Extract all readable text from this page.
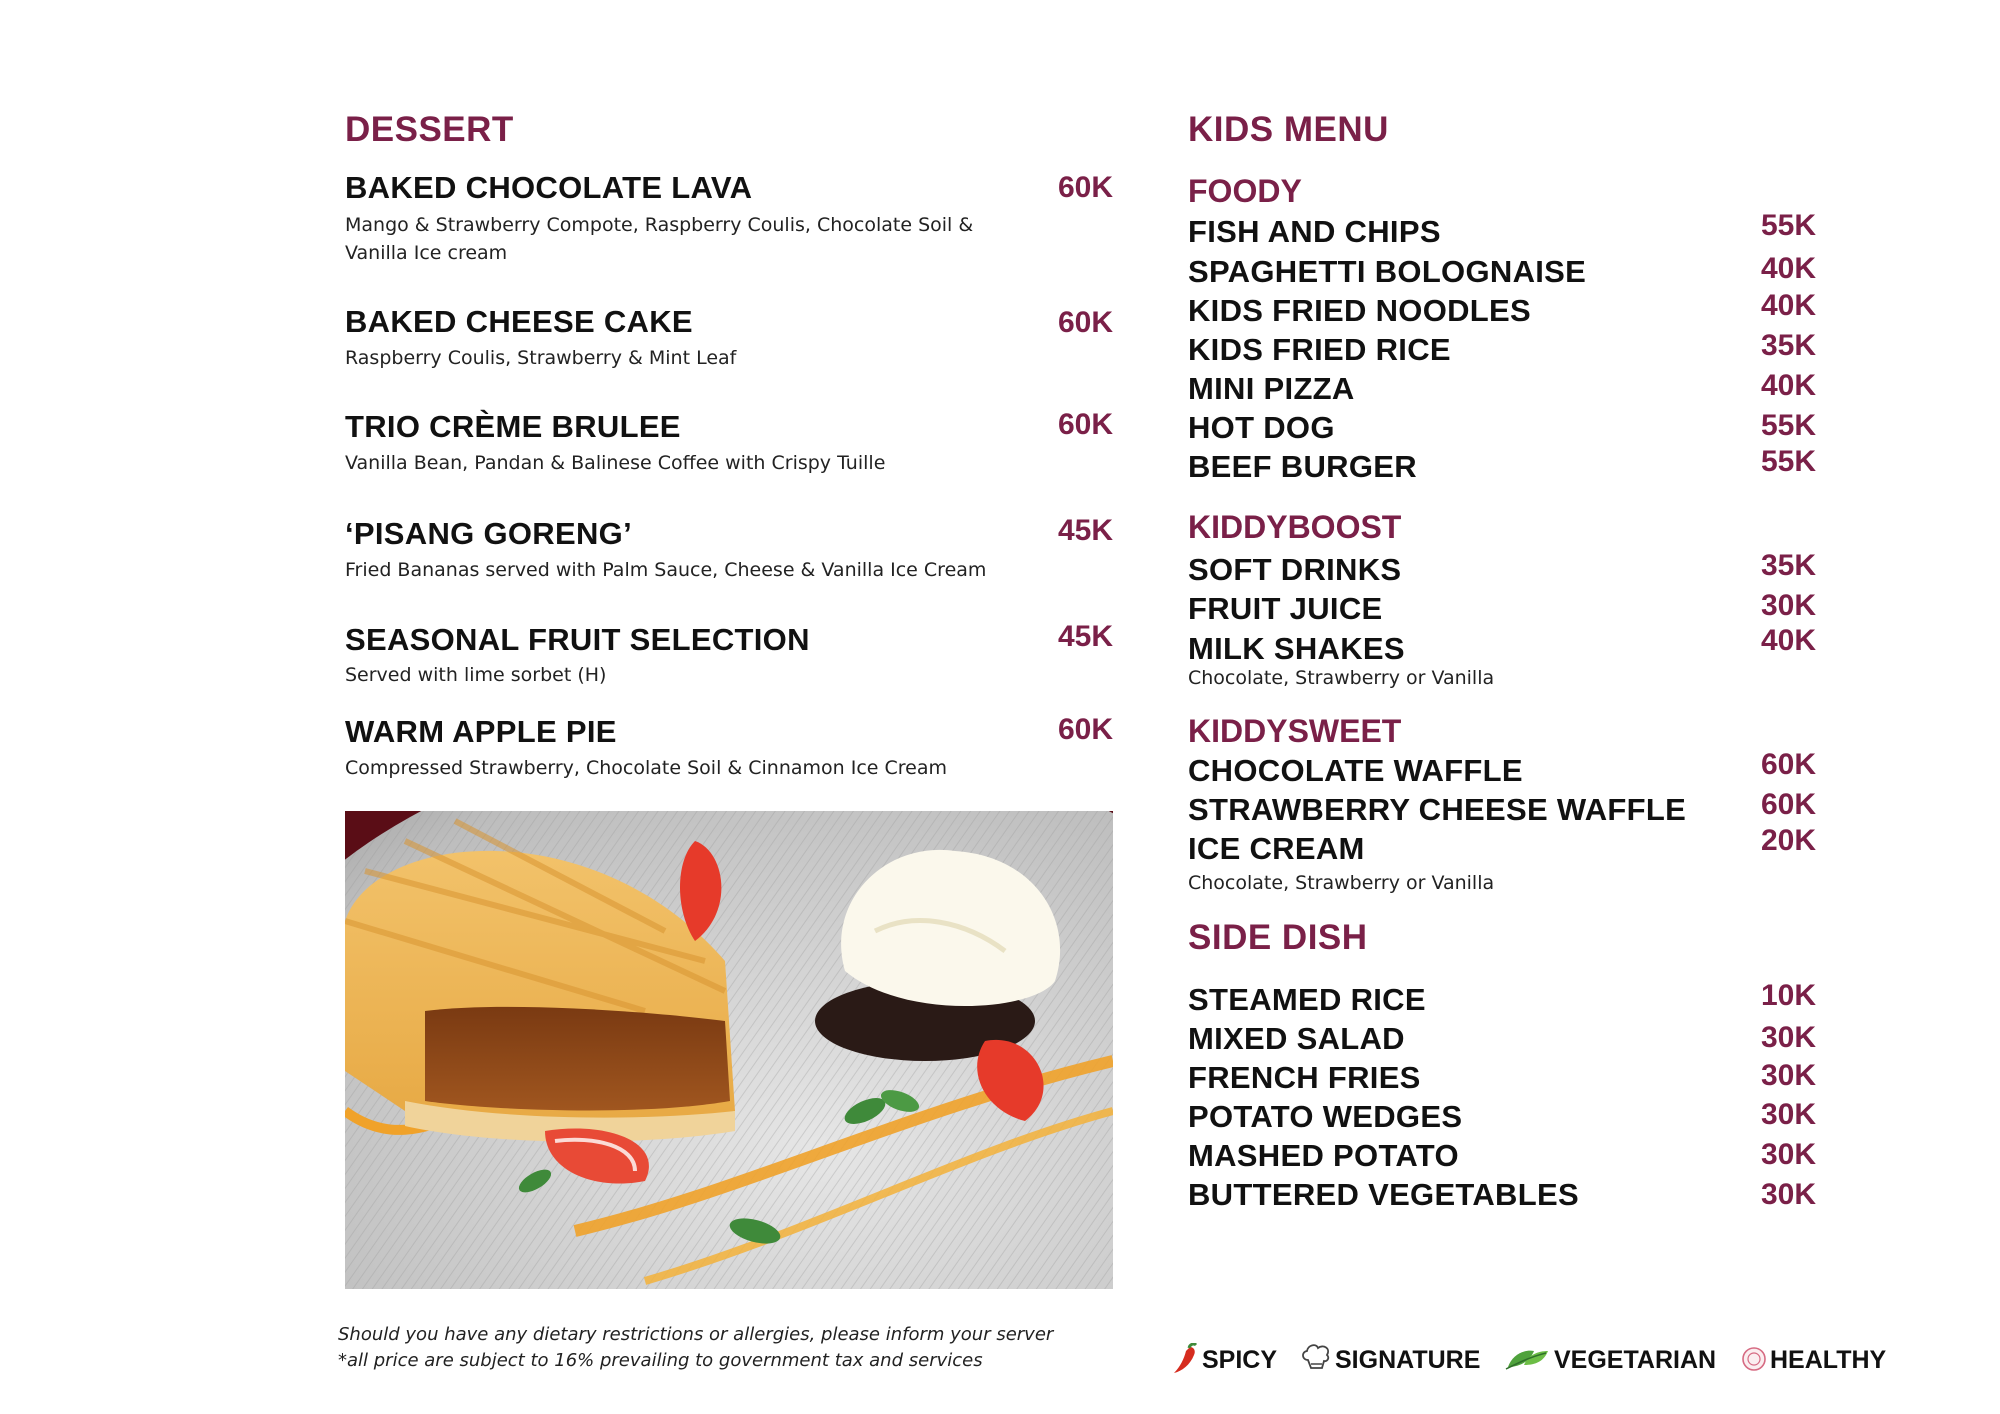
DESSERT
BAKED CHOCOLATE LAVA	60K
Mango & Strawberry Compote, Raspberry Coulis, Chocolate Soil & Vanilla Ice cream
BAKED CHEESE CAKE	60K
Raspberry Coulis, Strawberry & Mint Leaf
TRIO CRÈME BRULEE	60K
Vanilla Bean, Pandan & Balinese Coffee with Crispy Tuille
‘PISANG GORENG’	45K
Fried Bananas served with Palm Sauce, Cheese & Vanilla Ice Cream
SEASONAL FRUIT SELECTION	45K
Served with lime sorbet (H)
WARM APPLE PIE	60K
Compressed Strawberry, Chocolate Soil & Cinnamon Ice Cream
Should you have any dietary restrictions or allergies, please inform your server
*all price are subject to 16% prevailing to government tax and services
KIDS MENU
FOODY
FISH AND CHIPS	55K
SPAGHETTI BOLOGNAISE	40K
KIDS FRIED NOODLES	40K
KIDS FRIED RICE	35K
MINI PIZZA	40K
HOT DOG	55K
BEEF BURGER	55K
KIDDYBOOST
SOFT DRINKS	35K
FRUIT JUICE	30K
MILK SHAKES	40K
Chocolate, Strawberry or Vanilla
KIDDYSWEET
CHOCOLATE WAFFLE	60K
STRAWBERRY CHEESE WAFFLE	60K
ICE CREAM	20K
Chocolate, Strawberry or Vanilla
SIDE DISH
STEAMED RICE	10K
MIXED SALAD	30K
FRENCH FRIES	30K
POTATO WEDGES	30K
MASHED POTATO	30K
BUTTERED VEGETABLES	30K
SPICY SIGNATURE	VEGETARIAN HEALTHY
